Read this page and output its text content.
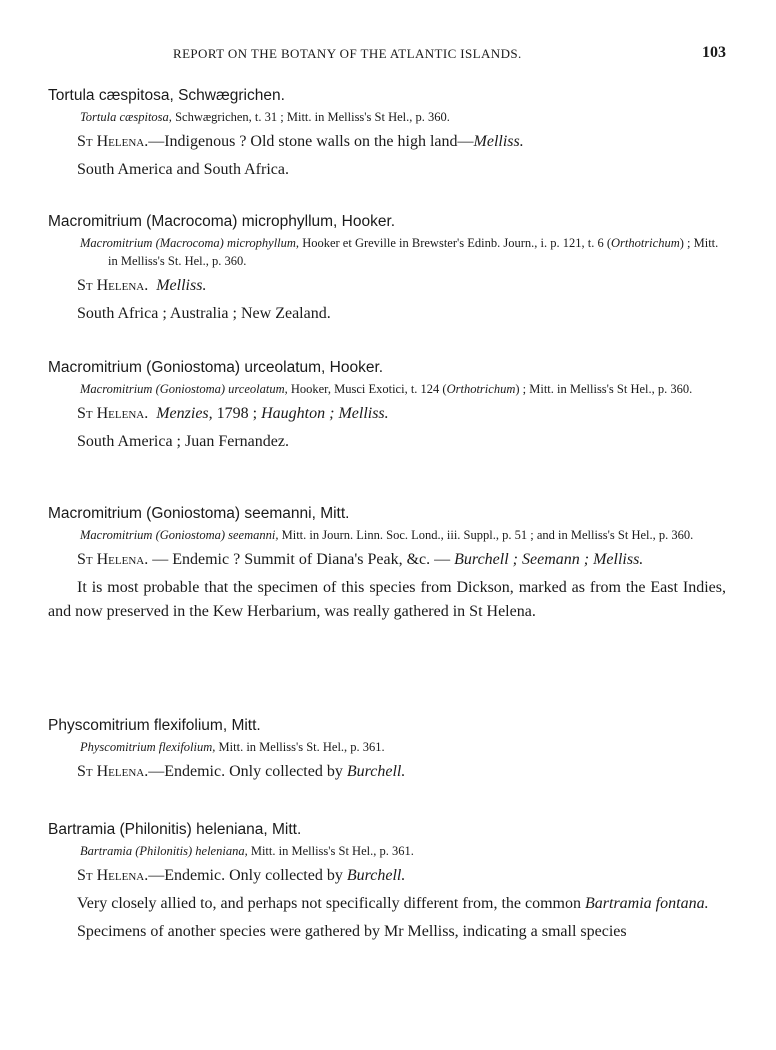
REPORT ON THE BOTANY OF THE ATLANTIC ISLANDS.	103

Tortula cæspitosa, Schwægrichen.

Tortula cæspitosa, Schwægrichen, t. 31 ; Mitt. in Melliss's St Hel., p. 360.

St Helena.—Indigenous ? Old stone walls on the high land—Melliss.

South America and South Africa.

Macromitrium (Macrocoma) microphyllum, Hooker.

Macromitrium (Macrocoma) microphyllum, Hooker et Greville in Brewster's Edinb. Journ., i. p. 121, t. 6 (Orthotrichum) ; Mitt. in Melliss's St. Hel., p. 360.

St Helena. Melliss.

South Africa ; Australia ; New Zealand.

Macromitrium (Goniostoma) urceolatum, Hooker.

Macromitrium (Goniostoma) urceolatum, Hooker, Musci Exotici, t. 124 (Orthotrichum) ; Mitt. in Melliss's St Hel., p. 360.

St Helena. Menzies, 1798 ; Haughton ; Melliss.

South America ; Juan Fernandez.

Macromitrium (Goniostoma) seemanni, Mitt.

Macromitrium (Goniostoma) seemanni, Mitt. in Journ. Linn. Soc. Lond., iii. Suppl., p. 51 ; and in Melliss's St Hel., p. 360.

St Helena. — Endemic ? Summit of Diana's Peak, &c. — Burchell ; Seemann ; Melliss.

It is most probable that the specimen of this species from Dickson, marked as from the East Indies, and now preserved in the Kew Herbarium, was really gathered in St Helena.

Physcomitrium flexifolium, Mitt.

Physcomitrium flexifolium, Mitt. in Melliss's St. Hel., p. 361.

St Helena.—Endemic. Only collected by Burchell.

Bartramia (Philonitis) heleniana, Mitt.

Bartramia (Philonitis) heleniana, Mitt. in Melliss's St Hel., p. 361.

St Helena.—Endemic. Only collected by Burchell.

Very closely allied to, and perhaps not specifically different from, the common Bartramia fontana.

Specimens of another species were gathered by Mr Melliss, indicating a small species
